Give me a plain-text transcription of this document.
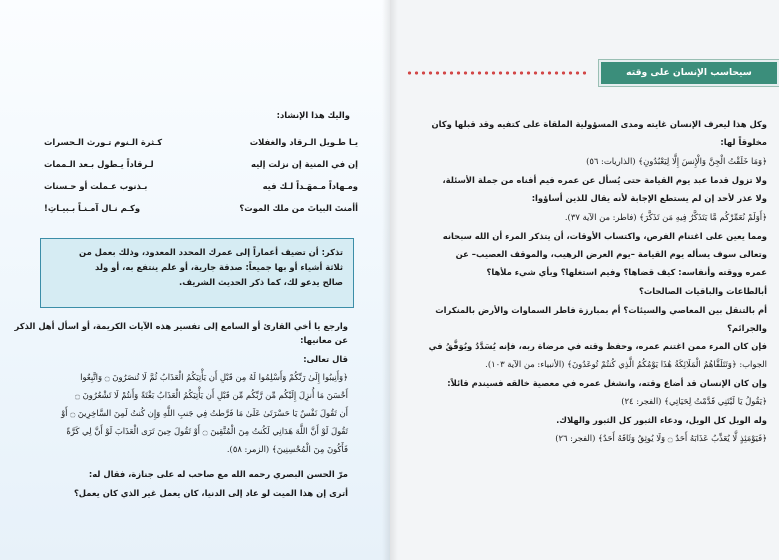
واليك هذا الإنشاد:
يـا طـويل الـرقاد والغفلات
كـثرة الـنوم تـورث الـحسرات
إن في المنية إن نزلت إليه
لـرقاداً يـطول بـعد الـممات
ومـهاداً مـمهَـداً لـك فيه
بـذنوب عـملت أو حـسنات
أأمنتَ البياتَ من ملك الموت؟
وكـم نـال آمـنـاً بـبيـاتِ!
تذكر: أن تضيف أعماراً إلى عمرك المحدد المعدود، وذلك بعمل من
ثلاثة أشياء أو بها جميعاً: صدقة جارية، أو علم ينتفع به، أو ولد
صالح يدعو لك، كما ذكر الحديث الشريف.
وارجع يا أخي القارئ أو السامع إلى تفسير هذه الآيات الكريمة، أو اسأل أهل الذكر
عن معانيها:
قال تعالى:
﴿وَأَنِيبُوا إِلَىٰ رَبِّكُمْ وَأَسْلِمُوا لَهُ مِن قَبْلِ أَن يَأْتِيَكُمُ الْعَذَابُ ثُمَّ لَا تُنصَرُونَ ۝ وَاتَّبِعُوا
أَحْسَنَ مَا أُنزِلَ إِلَيْكُم مِّن رَّبِّكُم مِّن قَبْلِ أَن يَأْتِيَكُمُ الْعَذَابُ بَغْتَةً وَأَنتُمْ لَا تَشْعُرُونَ ۝
أَن تَقُولَ نَفْسٌ يَا حَسْرَتَىٰ عَلَىٰ مَا فَرَّطتُ فِي جَنبِ اللَّهِ وَإِن كُنتُ لَمِنَ السَّاخِرِينَ ۝ أَوْ
تَقُولَ لَوْ أَنَّ اللَّهَ هَدَانِي لَكُنتُ مِنَ الْمُتَّقِينَ ۝ أَوْ تَقُولَ حِينَ تَرَى الْعَذَابَ لَوْ أَنَّ لِي كَرَّةً
فَأَكُونَ مِنَ الْمُحْسِنِينَ﴾ (الزمر: ٥٨).
مرّ الحسن البصري رحمه الله مع صاحب له على جنازة، فقال له:
أترى إن هذا الميت لو عاد إلى الدنيا، كان يعمل غير الذي كان يعمل؟
سيحاسب الإنسان على وقته
وكل هذا ليعرف الإنسان غايته ومدى المسؤولية الملقاة على كتفيه وقد قبلها وكان
مخلوقاً لها:
﴿وَمَا خَلَقْتُ الْجِنَّ وَالْإِنسَ إِلَّا لِيَعْبُدُونِ﴾ (الذاريات: ٥٦)
ولا تزول قدما عبد يوم القيامة حتى يُسأل عن عمره فيم أفناه من جملة الأسئلة،
ولا عذر لأحد إن لم يستطع الإجابة لأنه يقال للذين أساؤوا:
﴿أَوَلَمْ نُعَمِّرْكُم مَّا يَتَذَكَّرُ فِيهِ مَن تَذَكَّرَ﴾ (فاطر: من الآية ٣٧).
ومما يعين على اغتنام الفرص، واكتساب الأوقات، أن يتذكر المرء أن الله سبحانه
وتعالى سوف يسأله يوم القيامة –يوم العرض الرهيب، والموقف العصيب– عن
عمره ووقته وأنفاسه: كيف قضاها؟ وفيم استغلها؟ وبأي شيء ملأها؟
أبالطاعات والباقيات الصالحات؟
أم بالتنقل بين المعاصي والسيئات؟ أم بمبارزة فاطر السماوات والأرض بالمنكرات
والجرائم؟
فإن كان المرء ممن اغتنم عمره، وحفظ وقته في مرضاة ربه، فإنه يُسَدَّدُ ويُوَفَّقُ في
الجواب: ﴿وَتَتَلَقَّاهُمُ الْمَلَائِكَةُ هَٰذَا يَوْمُكُمُ الَّذِي كُنتُمْ تُوعَدُونَ﴾ (الأنبياء: من الآية ١٠٣).
وإن كان الإنسان قد أضاع وقته، وانشغل عمره في معصية خالقه فسيندم قائلاً:
﴿يَقُولُ يَا لَيْتَنِي قَدَّمْتُ لِحَيَاتِي﴾ (الفجر: ٢٤)
وله الويل كل الويل، ودعاء الثبور كل الثبور والهلاك.
﴿فَيَوْمَئِذٍ لَّا يُعَذِّبُ عَذَابَهُ أَحَدٌ ۝ وَلَا يُوثِقُ وَثَاقَهُ أَحَدٌ﴾ (الفجر: ٢٦)
